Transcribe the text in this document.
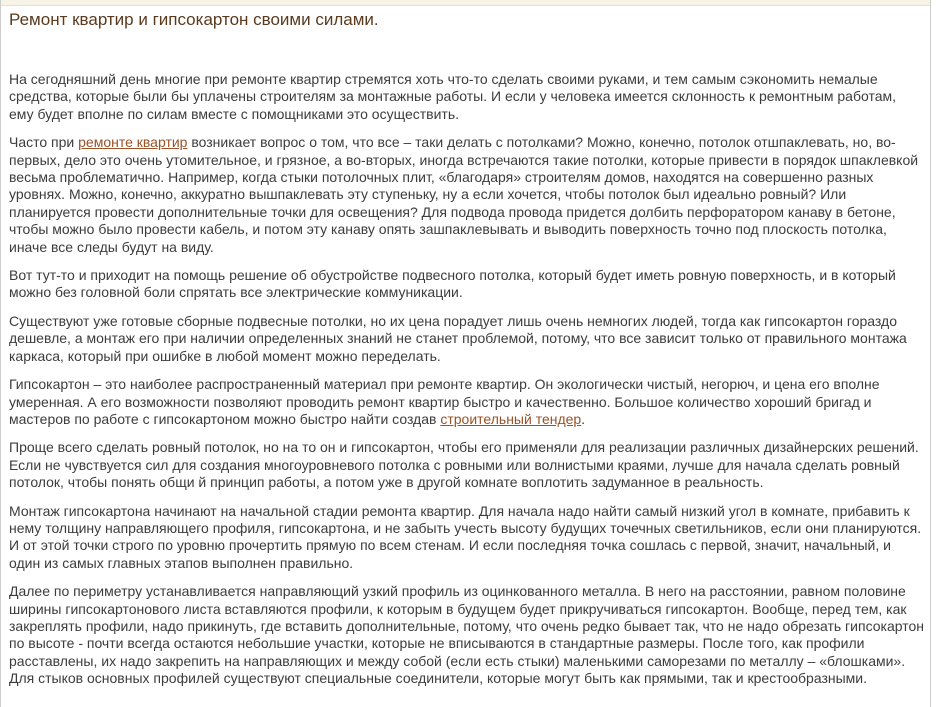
Ремонт квартир и гипсокартон своими силами.

На сегодняшний день многие при ремонте квартир стремятся хоть что-то сделать своими руками, и тем самым сэкономить немалые средства, которые были бы уплачены строителям за монтажные работы. И если у человека имеется склонность к ремонтным работам, ему будет вполне по силам вместе с помощниками это осуществить.

Часто при ремонте квартир возникает вопрос о том, что все – таки делать с потолками? Можно, конечно, потолок отшпаклевать, но, во-первых, дело это очень утомительное, и грязное, а во-вторых, иногда встречаются такие потолки, которые привести в порядок шпаклевкой весьма проблематично. Например, когда стыки потолочных плит, «благодаря» строителям домов, находятся на совершенно разных уровнях. Можно, конечно, аккуратно вышпаклевать эту ступеньку, ну а если хочется, чтобы потолок был идеально ровный? Или планируется провести дополнительные точки для освещения? Для подвода провода придется долбить перфоратором канаву в бетоне, чтобы можно было провести кабель, и потом эту канаву опять зашпаклевывать и выводить поверхность точно под плоскость потолка, иначе все следы будут на виду.

Вот тут-то и приходит на помощь решение об обустройстве подвесного потолка, который будет иметь ровную поверхность, и в который можно без головной боли спрятать все электрические коммуникации.

Существуют уже готовые сборные подвесные потолки, но их цена порадует лишь очень немногих людей, тогда как гипсокартон гораздо дешевле, а монтаж его при наличии определенных знаний не станет проблемой, потому, что все зависит только от правильного монтажа каркаса, который при ошибке в любой момент можно переделать.

Гипсокартон – это наиболее распространенный материал при ремонте квартир. Он экологически чистый, негорюч, и цена его вполне умеренная. А его возможности позволяют проводить ремонт квартир быстро и качественно. Большое количество хороший бригад и мастеров по работе с гипсокартоном можно быстро найти создав строительный тендер.

Проще всего сделать ровный потолок, но на то он и гипсокартон, чтобы его применяли для реализации различных дизайнерских решений. Если не чувствуется сил для создания многоуровневого потолка с ровными или волнистыми краями, лучше для начала сделать ровный потолок, чтобы понять общи й принцип работы, а потом уже в другой комнате воплотить задуманное в реальность.

Монтаж гипсокартона начинают на начальной стадии ремонта квартир. Для начала надо найти самый низкий угол в комнате, прибавить к нему толщину направляющего профиля, гипсокартона, и не забыть учесть высоту будущих точечных светильников, если они планируются. И от этой точки строго по уровню прочертить прямую по всем стенам. И если последняя точка сошлась с первой, значит, начальный, и один из самых главных этапов выполнен правильно.

Далее по периметру устанавливается направляющий узкий профиль из оцинкованного металла. В него на расстоянии, равном половине ширины гипсокартонового листа вставляются профили, к которым в будущем будет прикручиваться гипсокартон. Вообще, перед тем, как закреплять профили, надо прикинуть, где вставить дополнительные, потому, что очень редко бывает так, что не надо обрезать гипсокартон по высоте - почти всегда остаются небольшие участки, которые не вписываются в стандартные размеры. После того, как профили расставлены, их надо закрепить на направляющих и между собой (если есть стыки) маленькими саморезами по металлу – «блошками». Для стыков основных профилей существуют специальные соединители, которые могут быть как прямыми, так и крестообразными.
